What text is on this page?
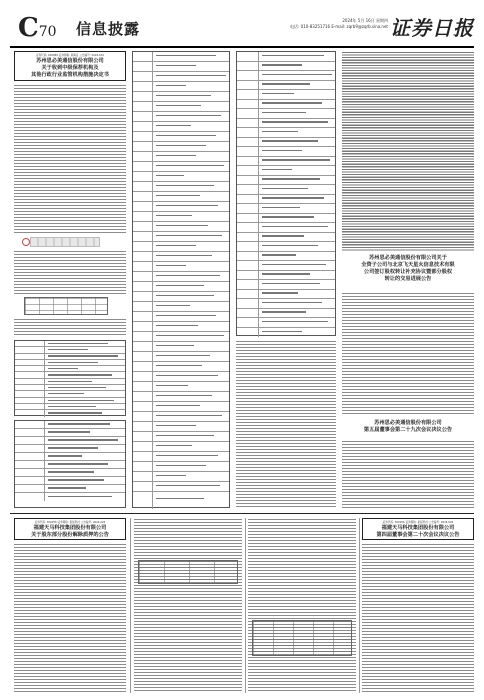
C70 信息披露	2024年 5月 16日 星期四
电话: 010-83251716 E-mail: zqrb9@zqrb.sina.net 证券日报
证券代码: 002089 证券简称: 新海宜 公告编号: 2024-032
苏州思必美通信股份有限公司
关于收到中级保荐机构及
其他行政行业监管机构措施决定书
苏州思必美通信股份有限公司关于
全资子公司与北京飞天星火信息技术有限
公司签订股权转让补充协议暨部分股权
转让的交易进展公告
苏州思必美通信股份有限公司
第五届董事会第二十九次会议决议公告
证券代码: 300256 证券简称: 星星科技 公告编号: 2024-025
福建天马科技集团股份有限公司
关于股东部分股份解除质押的公告
证券代码: 300256 证券简称: 星星科技 公告编号: 2024-026
福建天马科技集团股份有限公司
第四届董事会第二十次会议决议公告
